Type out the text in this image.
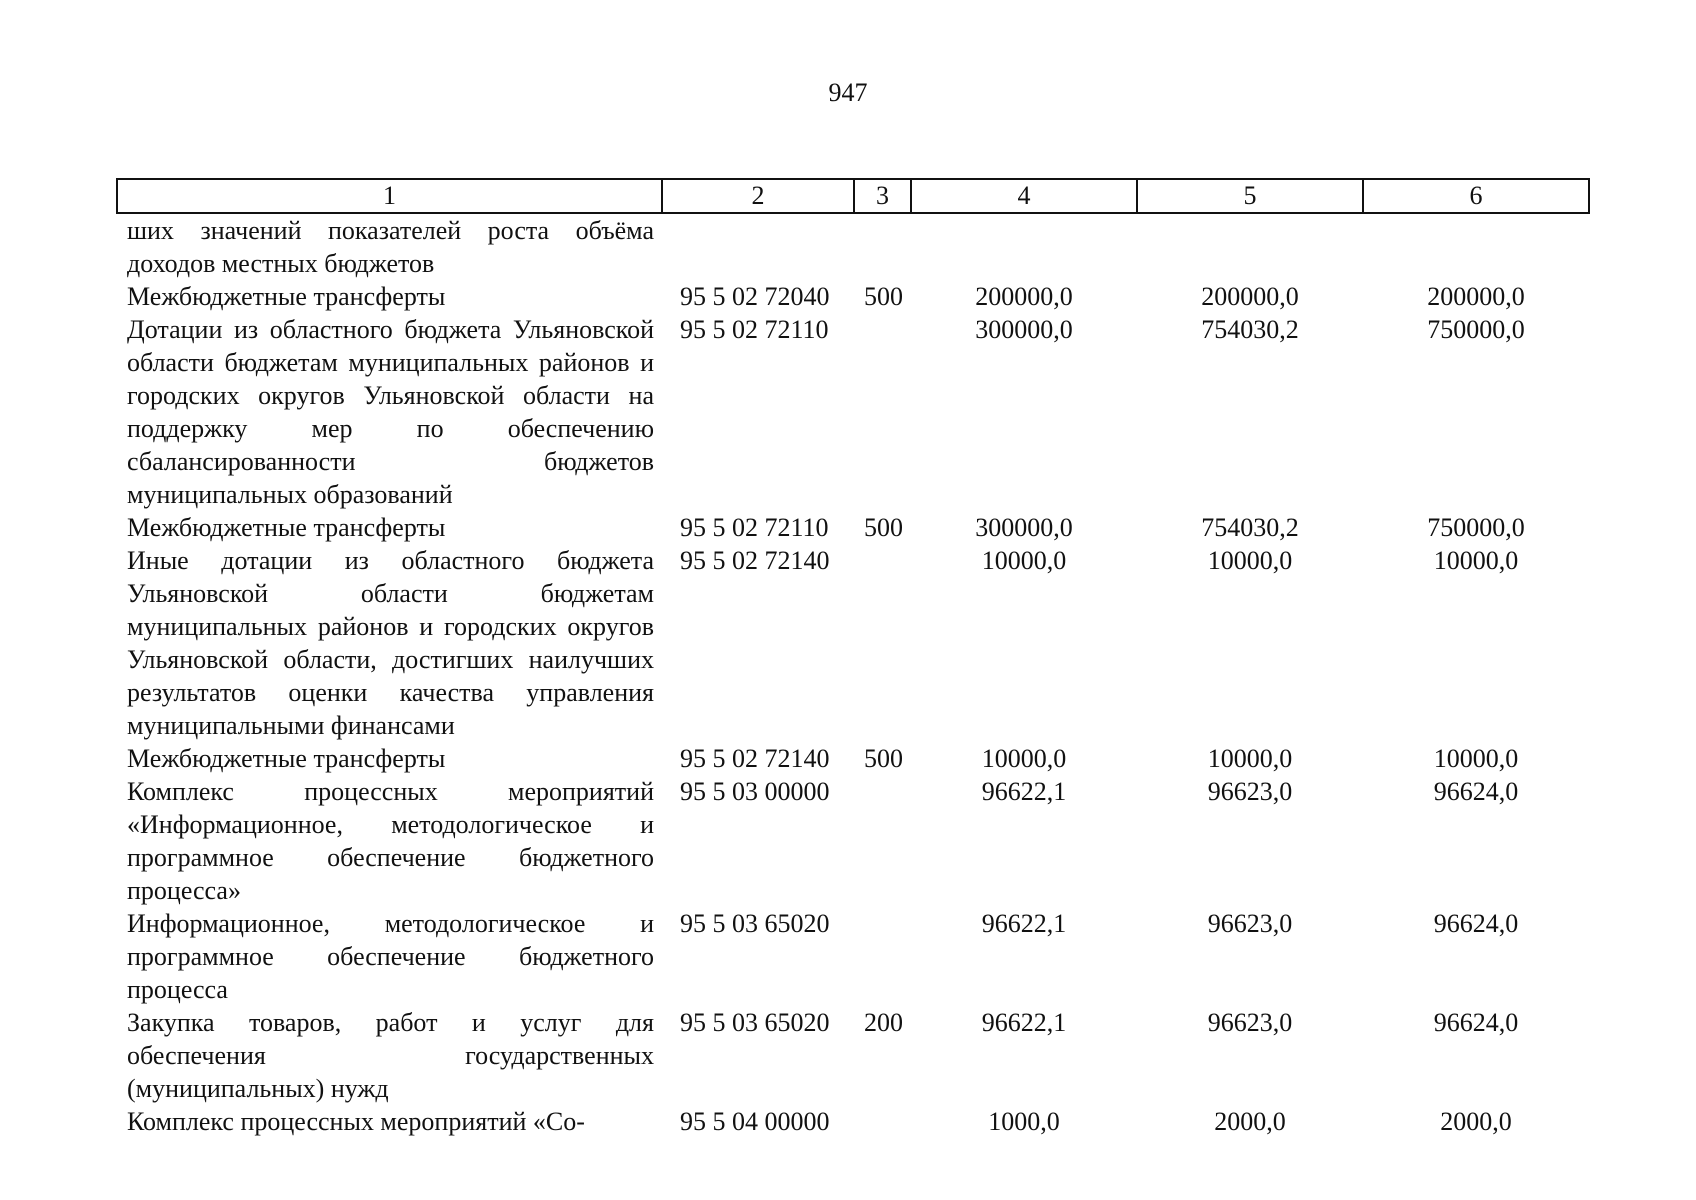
947
1	2	3	4	5	6
ших значений показателей роста объёма доходов местных бюджетов					
Межбюджетные трансферты	95 5 02 72040	500	200000,0	200000,0	200000,0
Дотации из областного бюджета Ульяновской области бюджетам муниципальных районов и городских округов Ульяновской области на поддержку мер по обеспечению сбалансированности бюджетов муниципальных образований	95 5 02 72110		300000,0	754030,2	750000,0
Межбюджетные трансферты	95 5 02 72110	500	300000,0	754030,2	750000,0
Иные дотации из областного бюджета Ульяновской области бюджетам муниципальных районов и городских округов Ульяновской области, достигших наилучших результатов оценки качества управления муниципальными финансами	95 5 02 72140		10000,0	10000,0	10000,0
Межбюджетные трансферты	95 5 02 72140	500	10000,0	10000,0	10000,0
Комплекс процессных мероприятий «Информационное, методологическое и программное обеспечение бюджетного процесса»	95 5 03 00000		96622,1	96623,0	96624,0
Информационное, методологическое и программное обеспечение бюджетного процесса	95 5 03 65020		96622,1	96623,0	96624,0
Закупка товаров, работ и услуг для обеспечения государственных (муниципальных) нужд	95 5 03 65020	200	96622,1	96623,0	96624,0
Комплекс процессных мероприятий «Со-	95 5 04 00000		1000,0	2000,0	2000,0
